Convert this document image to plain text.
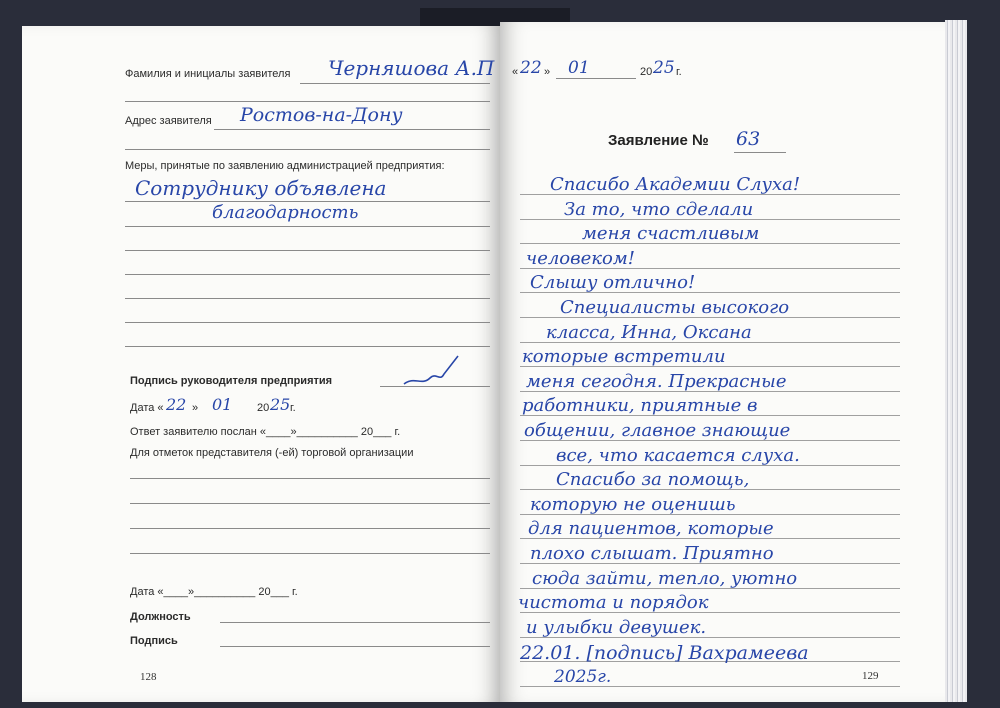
Фамилия и инициалы заявителя Черняшова А.П
Адрес заявителя Ростов-на-Дону
Меры, принятые по заявлению администрацией предприятия:
Сотруднику объявлена
благодарность
Подпись руководителя предприятия
Дата « 22 » 01 20 25 г.
Ответ заявителю послан «____»__________ 20___ г.
Для отметок представителя (-ей) торговой организации
Дата «____»__________ 20___ г.
Должность
Подпись
128
« 22 » 01	20 25 г.
Заявление № 63
Спасибо Академии Слуха!
За то, что сделали
меня счастливым
человеком!
Слышу отлично!
Специалисты высокого
класса, Инна, Оксана
которые встретили
меня сегодня. Прекрасные
работники, приятные в
общении, главное знающие
все, что касается слуха.
Спасибо за помощь,
которую не оценишь
для пациентов, которые
плохо слышат. Приятно
сюда зайти, тепло, уютно
чистота и порядок
и улыбки девушек.
22.01. [подпись] Вахрамеева
2025г.	129
